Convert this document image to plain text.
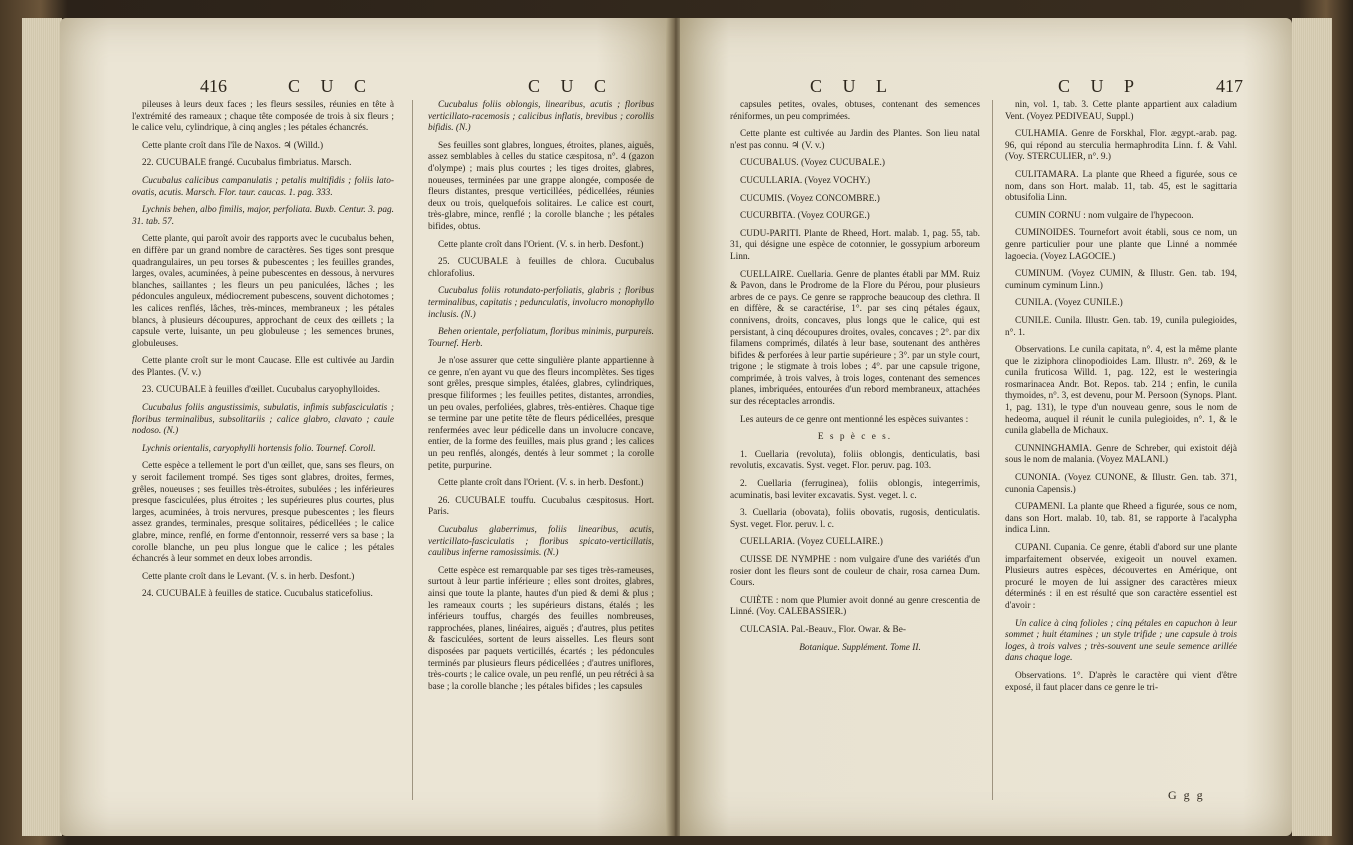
416	C U C	C U C

pileuses à leurs deux faces ; les fleurs sessiles, réunies en tête à l'extrémité des rameaux ; chaque tête composée de trois à six fleurs ; le calice velu, cylindrique, à cinq angles ; les pétales échancrés.

Cette plante croît dans l'île de Naxos. ♃ (Willd.)

22. CUCUBALE frangé. Cucubalus fimbriatus. Marsch.

Cucubalus calicibus campanulatis ; petalis multifidis ; foliis lato-ovatis, acutis. Marsch. Flor. taur. caucas. 1. pag. 333.

Lychnis behen, albo fimilis, major, perfoliata. Buxb. Centur. 3. pag. 31. tab. 57.

Cette plante, qui paroît avoir des rapports avec le cucubalus behen, en diffère par un grand nombre de caractères. Ses tiges sont presque quadrangulaires, un peu torses & pubescentes ; les feuilles grandes, larges, ovales, acuminées, à peine pubescentes en dessous, à nervures blanches, saillantes ; les fleurs un peu paniculées, lâches ; les pédoncules anguleux, médiocrement pubescens, souvent dichotomes ; les calices renflés, lâches, très-minces, membraneux ; les pétales blancs, à plusieurs découpures, approchant de ceux des œillets ; la capsule verte, luisante, un peu globuleuse ; les semences brunes, globuleuses.

Cette plante croît sur le mont Caucase. Elle est cultivée au Jardin des Plantes. (V. v.)

23. CUCUBALE à feuilles d'œillet. Cucubalus caryophylloides.

Cucubalus foliis angustissimis, subulatis, infimis subfasciculatis ; floribus terminalibus, subsolitariis ; calice glabro, clavato ; caule nodoso. (N.)

Lychnis orientalis, caryophylli hortensis folio. Tournef. Coroll.

Cette espèce a tellement le port d'un œillet, que, sans ses fleurs, on y seroit facilement trompé. Ses tiges sont glabres, droites, fermes, grêles, noueuses ; ses feuilles très-étroites, subulées ; les inférieures presque fasciculées, plus étroites ; les supérieures plus courtes, plus larges, acuminées, à trois nervures, presque pubescentes ; les fleurs assez grandes, terminales, presque solitaires, pédicellées ; le calice glabre, mince, renflé, en forme d'entonnoir, resserré vers sa base ; la corolle blanche, un peu plus longue que le calice ; les pétales échancrés à leur sommet en deux lobes arrondis.

Cette plante croît dans le Levant. (V. s. in herb. Desfont.)

24. CUCUBALE à feuilles de statice. Cucubalus staticefolius.

Cucubalus foliis oblongis, linearibus, acutis ; floribus verticillato-racemosis ; calicibus inflatis, brevibus ; corollis bifidis. (N.)

Ses feuilles sont glabres, longues, étroites, planes, aiguës, assez semblables à celles du statice cæspitosa, n°. 4 (gazon d'olympe) ; mais plus courtes ; les tiges droites, glabres, noueuses, terminées par une grappe alongée, composée de fleurs distantes, presque verticillées, pédicellées, réunies deux ou trois, quelquefois solitaires. Le calice est court, très-glabre, mince, renflé ; la corolle blanche ; les pétales bifides, obtus.

Cette plante croît dans l'Orient. (V. s. in herb. Desfont.)

25. CUCUBALE à feuilles de chlora. Cucubalus chlorafolius.

Cucubalus foliis rotundato-perfoliatis, glabris ; floribus terminalibus, capitatis ; pedunculatis, involucro monophyllo inclusis. (N.)

Behen orientale, perfoliatum, floribus minimis, purpureis. Tournef. Herb.

Je n'ose assurer que cette singulière plante appartienne à ce genre, n'en ayant vu que des fleurs incomplètes. Ses tiges sont grêles, presque simples, étalées, glabres, cylindriques, presque filiformes ; les feuilles petites, distantes, arrondies, un peu ovales, perfoliées, glabres, très-entières. Chaque tige se termine par une petite tête de fleurs pédicellées, presque renfermées avec leur pédicelle dans un involucre concave, entier, de la forme des feuilles, mais plus grand ; les calices un peu renflés, alongés, dentés à leur sommet ; la corolle petite, purpurine.

Cette plante croît dans l'Orient. (V. s. in herb. Desfont.)

26. CUCUBALE touffu. Cucubalus cæspitosus. Hort. Paris.

Cucubalus glaberrimus, foliis linearibus, acutis, verticillato-fasciculatis ; floribus spicato-verticillatis, caulibus inferne ramosissimis. (N.)

Cette espèce est remarquable par ses tiges très-rameuses, surtout à leur partie inférieure ; elles sont droites, glabres, ainsi que toute la plante, hautes d'un pied & demi & plus ; les rameaux courts ; les supérieurs distans, étalés ; les inférieurs touffus, chargés des feuilles nombreuses, rapprochées, planes, linéaires, aiguës ; d'autres, plus petites & fasciculées, sortent de leurs aisselles. Les fleurs sont disposées par paquets verticillés, écartés ; les pédoncules terminés par plusieurs fleurs pédicellées ; d'autres uniflores, très-courts ; le calice ovale, un peu renflé, un peu rétréci à sa base ; la corolle blanche ; les pétales bifides ; les capsules

C U L	C U P	417

capsules petites, ovales, obtuses, contenant des semences réniformes, un peu comprimées.

Cette plante est cultivée au Jardin des Plantes. Son lieu natal n'est pas connu. ♃ (V. v.)

CUCUBALUS. (Voyez CUCUBALE.)

CUCULLARIA. (Voyez VOCHY.)

CUCUMIS. (Voyez CONCOMBRE.)

CUCURBITA. (Voyez COURGE.)

CUDU-PARITI. Plante de Rheed, Hort. malab. 1, pag. 55, tab. 31, qui désigne une espèce de cotonnier, le gossypium arboreum Linn.

CUELLAIRE. Cuellaria. Genre de plantes établi par MM. Ruiz & Pavon, dans le Prodrome de la Flore du Pérou, pour plusieurs arbres de ce pays. Ce genre se rapproche beaucoup des clethra. Il en diffère, & se caractérise, 1°. par ses cinq pétales égaux, connivens, droits, concaves, plus longs que le calice, qui est persistant, à cinq découpures droites, ovales, concaves ; 2°. par dix filamens comprimés, dilatés à leur base, soutenant des anthères bifides & perforées à leur partie supérieure ; 3°. par un style court, trigone ; le stigmate à trois lobes ; 4°. par une capsule trigone, comprimée, à trois valves, à trois loges, contenant des semences planes, imbriquées, entourées d'un rebord membraneux, attachées sur des réceptacles arrondis.

Les auteurs de ce genre ont mentionné les espèces suivantes :

E s p è c e s.

1. Cuellaria (revoluta), foliis oblongis, denticulatis, basi revolutis, excavatis. Syst. veget. Flor. peruv. pag. 103.

2. Cuellaria (ferruginea), foliis oblongis, integerrimis, acuminatis, basi leviter excavatis. Syst. veget. l. c.

3. Cuellaria (obovata), foliis obovatis, rugosis, denticulatis. Syst. veget. Flor. peruv. l. c.

CUELLARIA. (Voyez CUELLAIRE.)

CUISSE DE NYMPHE : nom vulgaire d'une des variétés d'un rosier dont les fleurs sont de couleur de chair, rosa carnea Dum. Cours.

CUIÈTE : nom que Plumier avoit donné au genre crescentia de Linné. (Voy. CALEBASSIER.)

CULCASIA. Pal.-Beauv., Flor. Owar. & Be-

Botanique. Supplément. Tome II.

nin, vol. 1, tab. 3. Cette plante appartient aux caladium Vent. (Voyez PEDIVEAU, Suppl.)

CULHAMIA. Genre de Forskhal, Flor. ægypt.-arab. pag. 96, qui répond au sterculia hermaphrodita Linn. f. & Vahl. (Voy. STERCULIER, n°. 9.)

CULITAMARA. La plante que Rheed a figurée, sous ce nom, dans son Hort. malab. 11, tab. 45, est le sagittaria obtusifolia Linn.

CUMIN CORNU : nom vulgaire de l'hypecoon.

CUMINOIDES. Tournefort avoit établi, sous ce nom, un genre particulier pour une plante que Linné a nommée lagoecia. (Voyez LAGOCIE.)

CUMINUM. (Voyez CUMIN, & Illustr. Gen. tab. 194, cuminum cyminum Linn.)

CUNILA. (Voyez CUNILE.)

CUNILE. Cunila. Illustr. Gen. tab. 19, cunila pulegioides, n°. 1.

Observations. Le cunila capitata, n°. 4, est la même plante que le ziziphora clinopodioides Lam. Illustr. n°. 269, & le cunila fruticosa Willd. 1, pag. 122, est le westeringia rosmarinacea Andr. Bot. Repos. tab. 214 ; enfin, le cunila thymoides, n°. 3, est devenu, pour M. Persoon (Synops. Plant. 1, pag. 131), le type d'un nouveau genre, sous le nom de hedeoma, auquel il réunit le cunila pulegioides, n°. 1, & le cunila glabella de Michaux.

CUNNINGHAMIA. Genre de Schreber, qui existoit déjà sous le nom de malania. (Voyez MALANI.)

CUNONIA. (Voyez CUNONE, & Illustr. Gen. tab. 371, cunonia Capensis.)

CUPAMENI. La plante que Rheed a figurée, sous ce nom, dans son Hort. malab. 10, tab. 81, se rapporte à l'acalypha indica Linn.

CUPANI. Cupania. Ce genre, établi d'abord sur une plante imparfaitement observée, exigeoit un nouvel examen. Plusieurs autres espèces, découvertes en Amérique, ont procuré le moyen de lui assigner des caractères mieux déterminés : il en est résulté que son caractère essentiel est d'avoir :

Un calice à cinq folioles ; cinq pétales en capuchon à leur sommet ; huit étamines ; un style trifide ; une capsule à trois loges, à trois valves ; très-souvent une seule semence arillée dans chaque loge.

Observations. 1°. D'après le caractère qui vient d'être exposé, il faut placer dans ce genre le tri-

G g g
